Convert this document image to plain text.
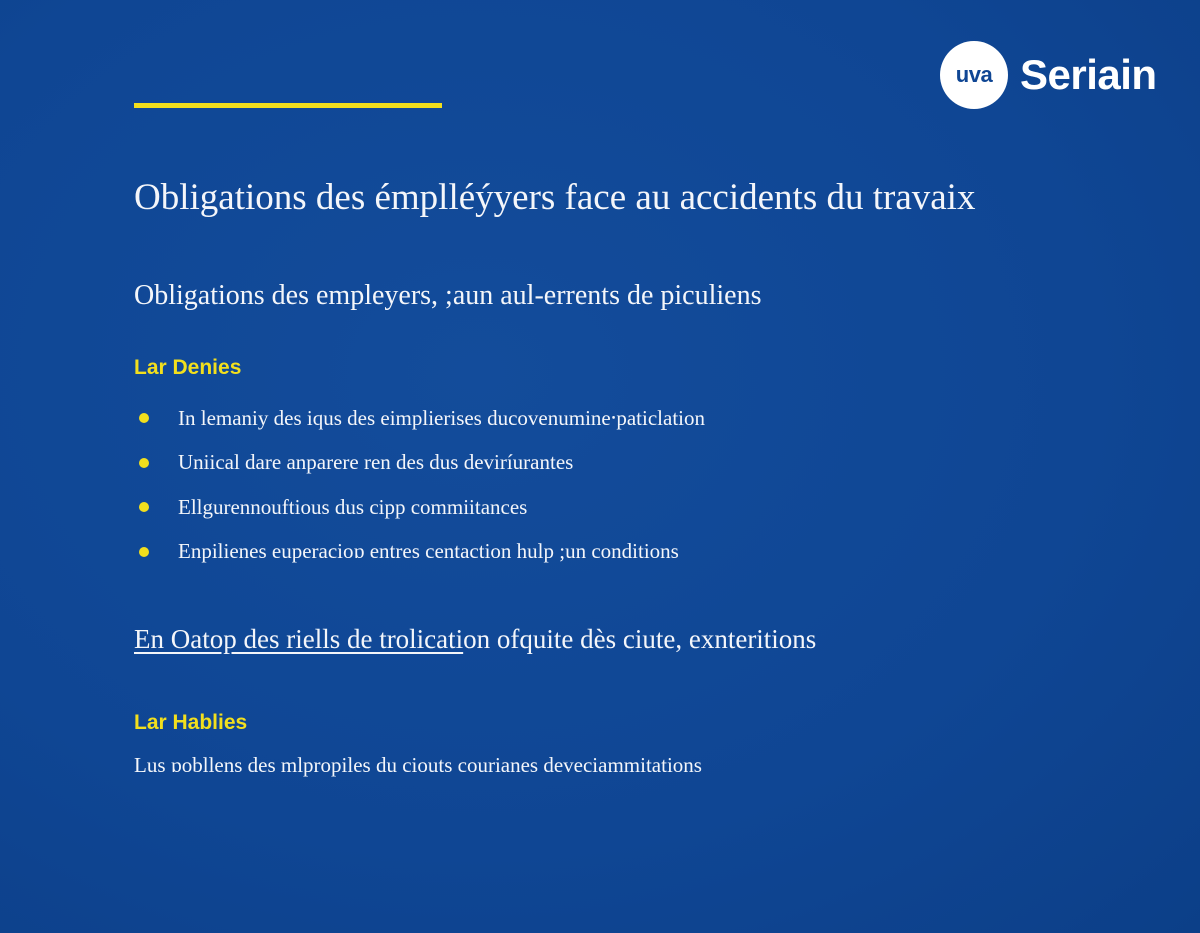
uva Seriain
Obligations des émplléýyers face au accidents du travaix
Obligations des empleyers, ;aun aul-errents de piculiens

Lar Denies

In lemaniy des iqus des eimplierises ducovenumine⸱paticlation
Uniical dare anparere ren des dus deviríurantes
Ellgurennouftious dus cipp commiitances
Enpilienes euperacioɒ entres centaction hulp ;un conditions

En Oatop des riells de trolication ofquite dès ciute, exnteritions

Lar Hablies

Lus ɒobllens des mlpropiles du ciouts courianes deveciammitations
